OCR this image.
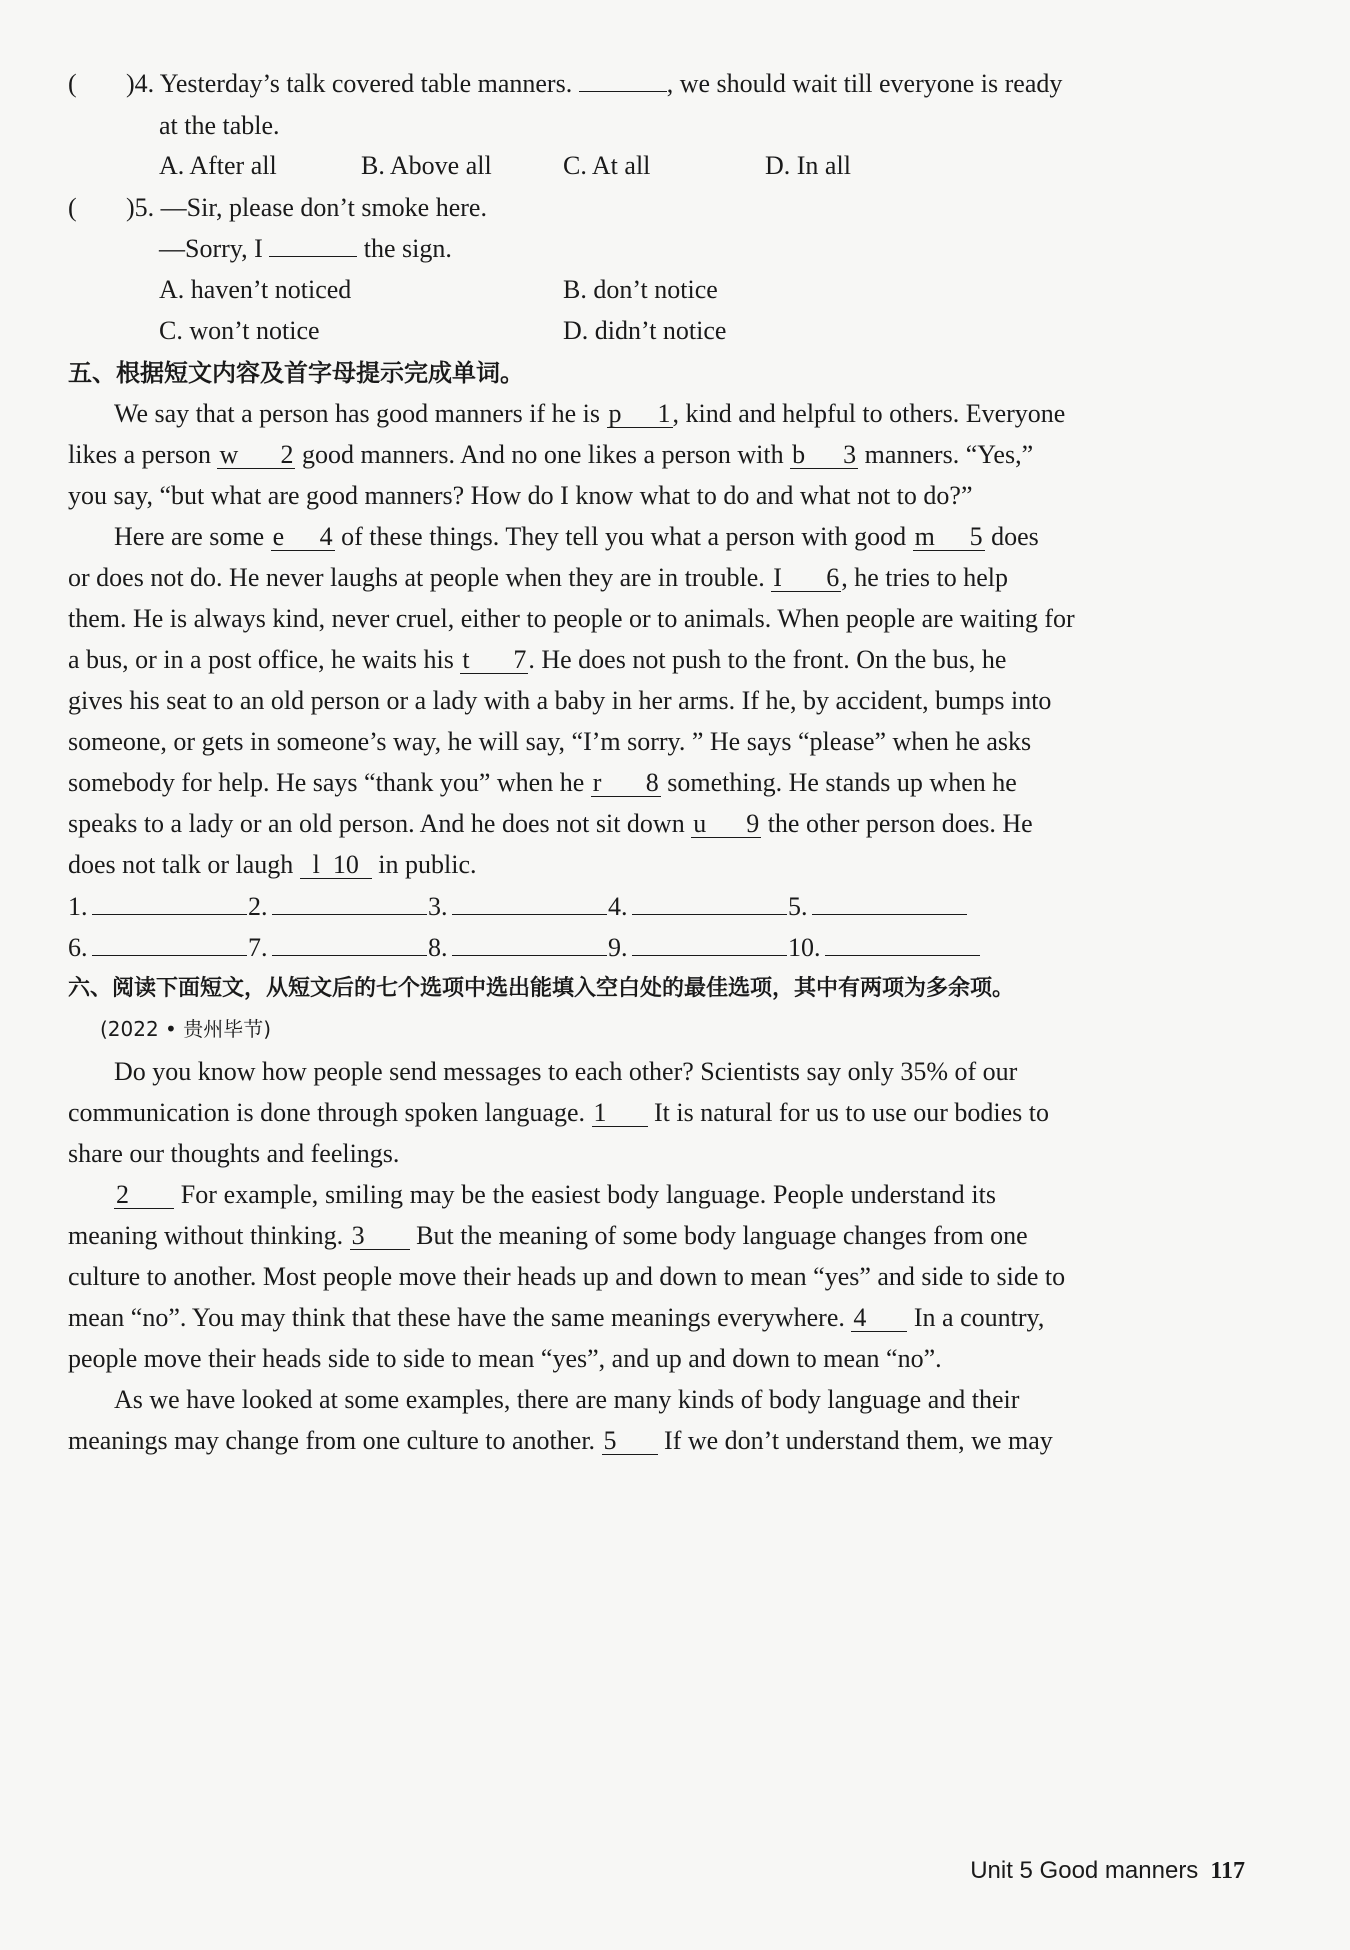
( )4. Yesterday’s talk covered table manners.	, we should wait till everyone is ready
at the table.
A. After all	B. Above all	C. At all	D. In all
( )5. —Sir, please don’t smoke here.
—Sorry, I	the sign.
A. haven’t noticed	B. don’t notice
C. won’t notice	D. didn’t notice
五、根据短文内容及首字母提示完成单词。
We say that a person has good manners if he is p 1, kind and helpful to others. Everyone
likes a person w 2 good manners. And no one likes a person with b 3 manners. “Yes,”
you say, “but what are good manners? How do I know what to do and what not to do?”
Here are some e 4 of these things. They tell you what a person with good m 5 does
or does not do. He never laughs at people when they are in trouble. I 6, he tries to help
them. He is always kind, never cruel, either to people or to animals. When people are waiting for
a bus, or in a post office, he waits his t 7. He does not push to the front. On the bus, he
gives his seat to an old person or a lady with a baby in her arms. If he, by accident, bumps into
someone, or gets in someone’s way, he will say, “I’m sorry. ” He says “please” when he asks
somebody for help. He says “thank you” when he r 8 something. He stands up when he
speaks to a lady or an old person. And he does not sit down u 9 the other person does. He
does not talk or laugh l 10 in public.
1.	2.	3.	4.	5.
6.	7.	8.	9.	10.
六、阅读下面短文，从短文后的七个选项中选出能填入空白处的最佳选项，其中有两项为多余项。
(2022 • 贵州毕节)
Do you know how people send messages to each other? Scientists say only 35% of our
communication is done through spoken language. 1 It is natural for us to use our bodies to
share our thoughts and feelings.
2 For example, smiling may be the easiest body language. People understand its
meaning without thinking. 3 But the meaning of some body language changes from one
culture to another. Most people move their heads up and down to mean “yes” and side to side to
mean “no”. You may think that these have the same meanings everywhere. 4 In a country,
people move their heads side to side to mean “yes”, and up and down to mean “no”.
As we have looked at some examples, there are many kinds of body language and their
meanings may change from one culture to another. 5 If we don’t understand them, we may
Unit 5 Good manners 117
